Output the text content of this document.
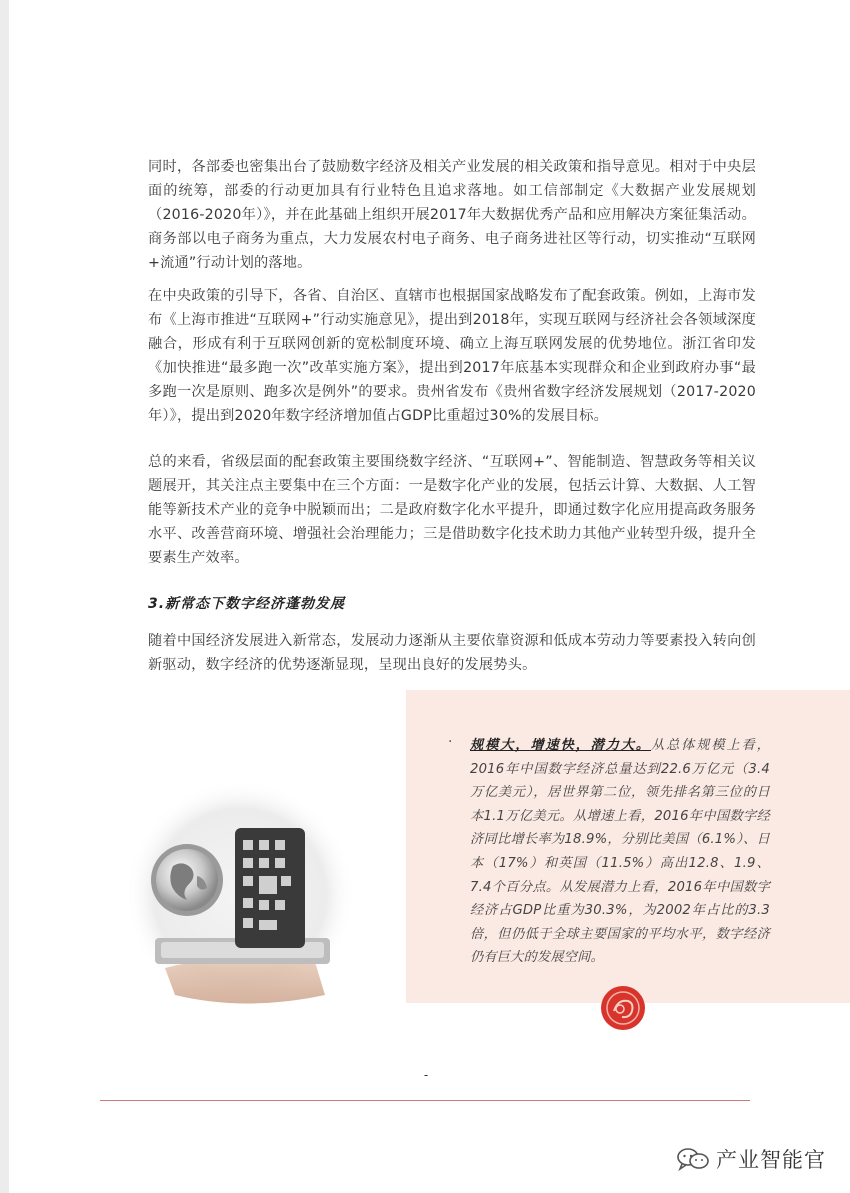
同时，各部委也密集出台了鼓励数字经济及相关产业发展的相关政策和指导意见。相对于中央层面的统筹，部委的行动更加具有行业特色且追求落地。如工信部制定《大数据产业发展规划（2016-2020年）》，并在此基础上组织开展2017年大数据优秀产品和应用解决方案征集活动。商务部以电子商务为重点，大力发展农村电子商务、电子商务进社区等行动，切实推动“互联网+流通”行动计划的落地。

在中央政策的引导下，各省、自治区、直辖市也根据国家战略发布了配套政策。例如，上海市发布《上海市推进“互联网+”行动实施意见》，提出到2018年，实现互联网与经济社会各领域深度融合，形成有利于互联网创新的宽松制度环境、确立上海互联网发展的优势地位。浙江省印发《加快推进“最多跑一次”改革实施方案》，提出到2017年底基本实现群众和企业到政府办事“最多跑一次是原则、跑多次是例外”的要求。贵州省发布《贵州省数字经济发展规划（2017-2020年）》，提出到2020年数字经济增加值占GDP比重超过30%的发展目标。

总的来看，省级层面的配套政策主要围绕数字经济、“互联网+”、智能制造、智慧政务等相关议题展开，其关注点主要集中在三个方面：一是数字化产业的发展，包括云计算、大数据、人工智能等新技术产业的竞争中脱颖而出；二是政府数字化水平提升，即通过数字化应用提高政务服务水平、改善营商环境、增强社会治理能力；三是借助数字化技术助力其他产业转型升级，提升全要素生产效率。

3.新常态下数字经济蓬勃发展

随着中国经济发展进入新常态，发展动力逐渐从主要依靠资源和低成本劳动力等要素投入转向创新驱动，数字经济的优势逐渐显现，呈现出良好的发展势头。

· 规模大，增速快，潜力大。从总体规模上看，2016年中国数字经济总量达到22.6万亿元（3.4万亿美元），居世界第二位，领先排名第三位的日本1.1万亿美元。从增速上看，2016年中国数字经济同比增长率为18.9%，分别比美国（6.1%）、日本（17%）和英国（11.5%）高出12.8、1.9、7.4个百分点。从发展潜力上看，2016年中国数字经济占GDP比重为30.3%，为2002年占比的3.3倍，但仍低于全球主要国家的平均水平，数字经济仍有巨大的发展空间。

-
产业智能官
